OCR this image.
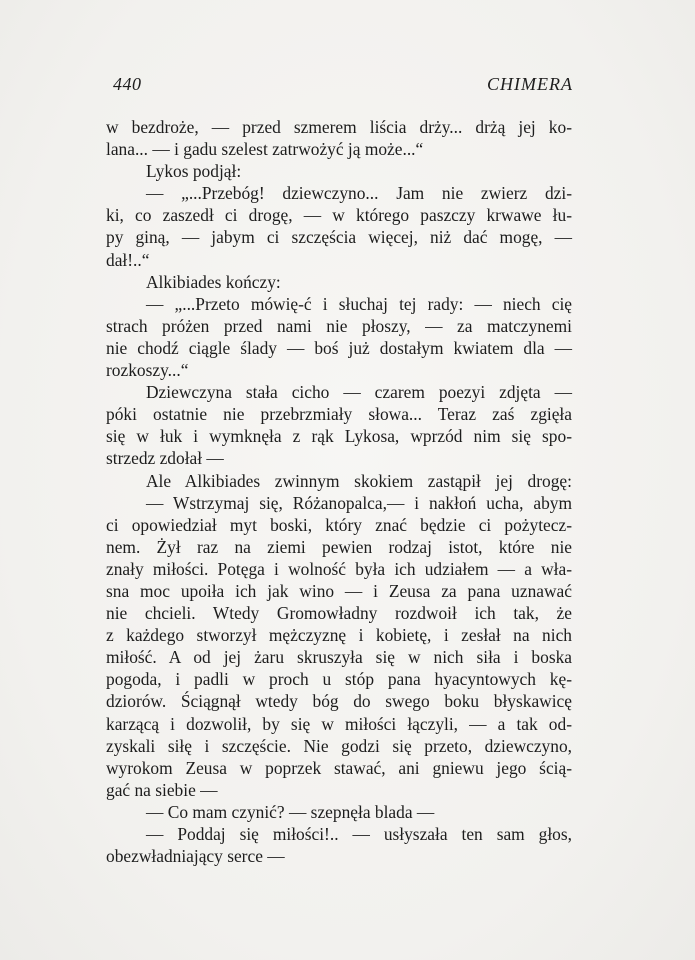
440	CHIMERA
w bezdroże, — przed szmerem liścia drży... drżą jej ko-
lana... — i gadu szelest zatrwożyć ją może...“
Lykos podjął:
— „...Przebóg! dziewczyno... Jam nie zwierz dzi-
ki, co zaszedł ci drogę, — w którego paszczy krwawe łu-
py giną, — jabym ci szczęścia więcej, niż dać mogę, —
dał!..“
Alkibiades kończy:
— „...Przeto mówię-ć i słuchaj tej rady: — niech cię
strach próżen przed nami nie płoszy, — za matczynemi
nie chodź ciągle ślady — boś już dostałym kwiatem dla —
rozkoszy...“
Dziewczyna stała cicho — czarem poezyi zdjęta —
póki ostatnie nie przebrzmiały słowa... Teraz zaś zgięła
się w łuk i wymknęła z rąk Lykosa, wprzód nim się spo-
strzedz zdołał —
Ale Alkibiades zwinnym skokiem zastąpił jej drogę:
— Wstrzymaj się, Różanopalca,— i nakłoń ucha, abym
ci opowiedział myt boski, który znać będzie ci pożytecz-
nem. Żył raz na ziemi pewien rodzaj istot, które nie
znały miłości. Potęga i wolność była ich udziałem — a wła-
sna moc upoiła ich jak wino — i Zeusa za pana uznawać
nie chcieli. Wtedy Gromowładny rozdwoił ich tak, że
z każdego stworzył mężczyznę i kobietę, i zesłał na nich
miłość. A od jej żaru skruszyła się w nich siła i boska
pogoda, i padli w proch u stóp pana hyacyntowych kę-
dziorów. Ściągnął wtedy bóg do swego boku błyskawicę
karzącą i dozwolił, by się w miłości łączyli, — a tak od-
zyskali siłę i szczęście. Nie godzi się przeto, dziewczyno,
wyrokom Zeusa w poprzek stawać, ani gniewu jego ścią-
gać na siebie —
— Co mam czynić? — szepnęła blada —
— Poddaj się miłości!.. — usłyszała ten sam głos,
obezwładniający serce —
